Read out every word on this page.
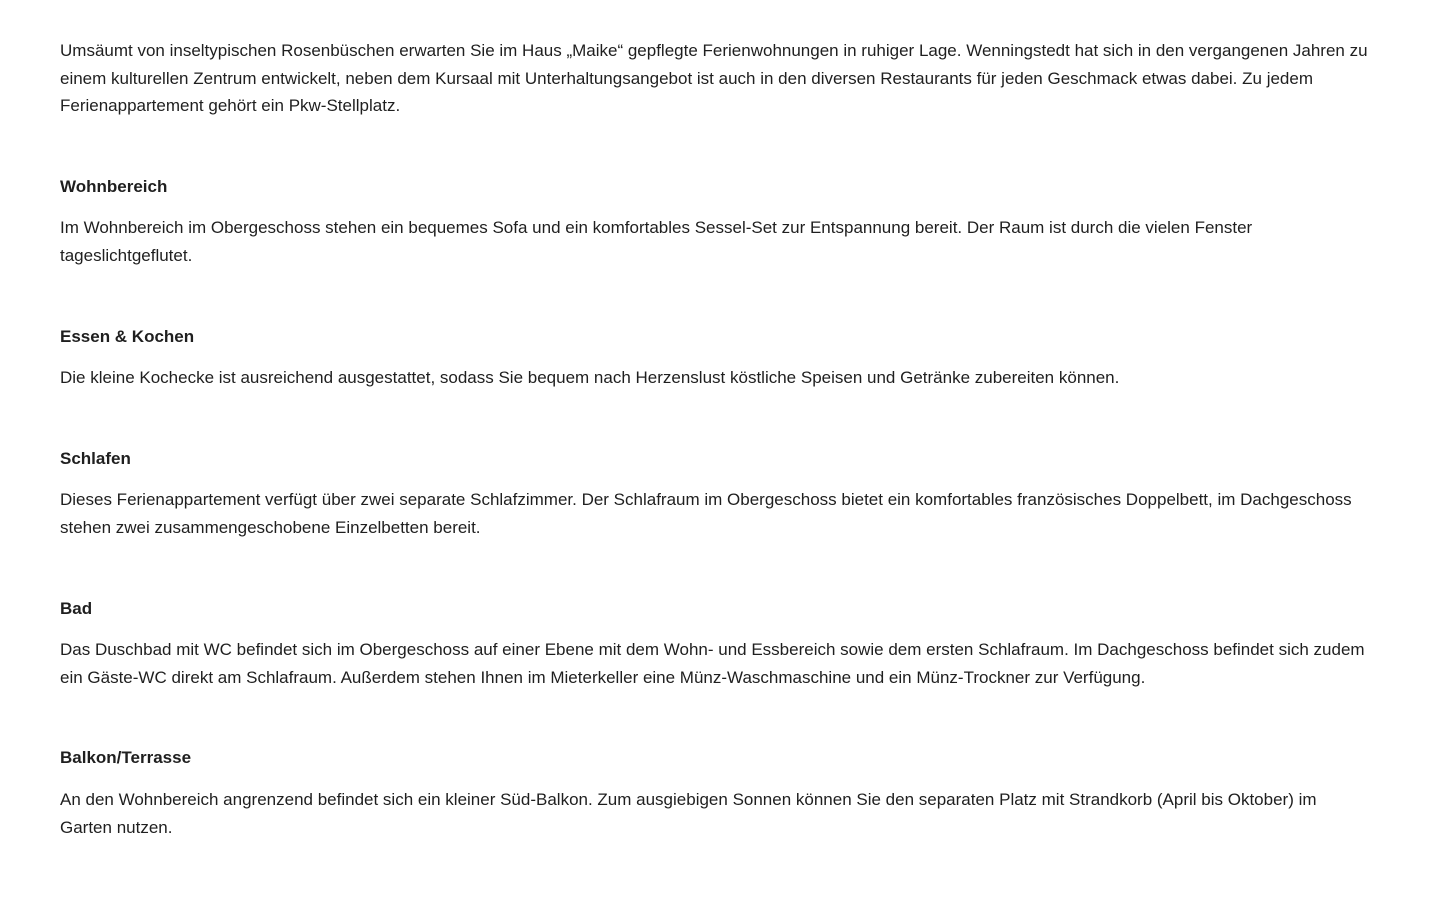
Umsäumt von inseltypischen Rosenbüschen erwarten Sie im Haus „Maike“ gepflegte Ferienwohnungen in ruhiger Lage. Wenningstedt hat sich in den vergangenen Jahren zu einem kulturellen Zentrum entwickelt, neben dem Kursaal mit Unterhaltungsangebot ist auch in den diversen Restaurants für jeden Geschmack etwas dabei. Zu jedem Ferienappartement gehört ein Pkw-Stellplatz.

Wohnbereich

Im Wohnbereich im Obergeschoss stehen ein bequemes Sofa und ein komfortables Sessel-Set zur Entspannung bereit. Der Raum ist durch die vielen Fenster tageslichtgeflutet.

Essen & Kochen

Die kleine Kochecke ist ausreichend ausgestattet, sodass Sie bequem nach Herzenslust köstliche Speisen und Getränke zubereiten können.

Schlafen

Dieses Ferienappartement verfügt über zwei separate Schlafzimmer. Der Schlafraum im Obergeschoss bietet ein komfortables französisches Doppelbett, im Dachgeschoss stehen zwei zusammengeschobene Einzelbetten bereit.

Bad

Das Duschbad mit WC befindet sich im Obergeschoss auf einer Ebene mit dem Wohn- und Essbereich sowie dem ersten Schlafraum. Im Dachgeschoss befindet sich zudem ein Gäste-WC direkt am Schlafraum. Außerdem stehen Ihnen im Mieterkeller eine Münz-Waschmaschine und ein Münz-Trockner zur Verfügung.

Balkon/Terrasse

An den Wohnbereich angrenzend befindet sich ein kleiner Süd-Balkon. Zum ausgiebigen Sonnen können Sie den separaten Platz mit Strandkorb (April bis Oktober) im Garten nutzen.
